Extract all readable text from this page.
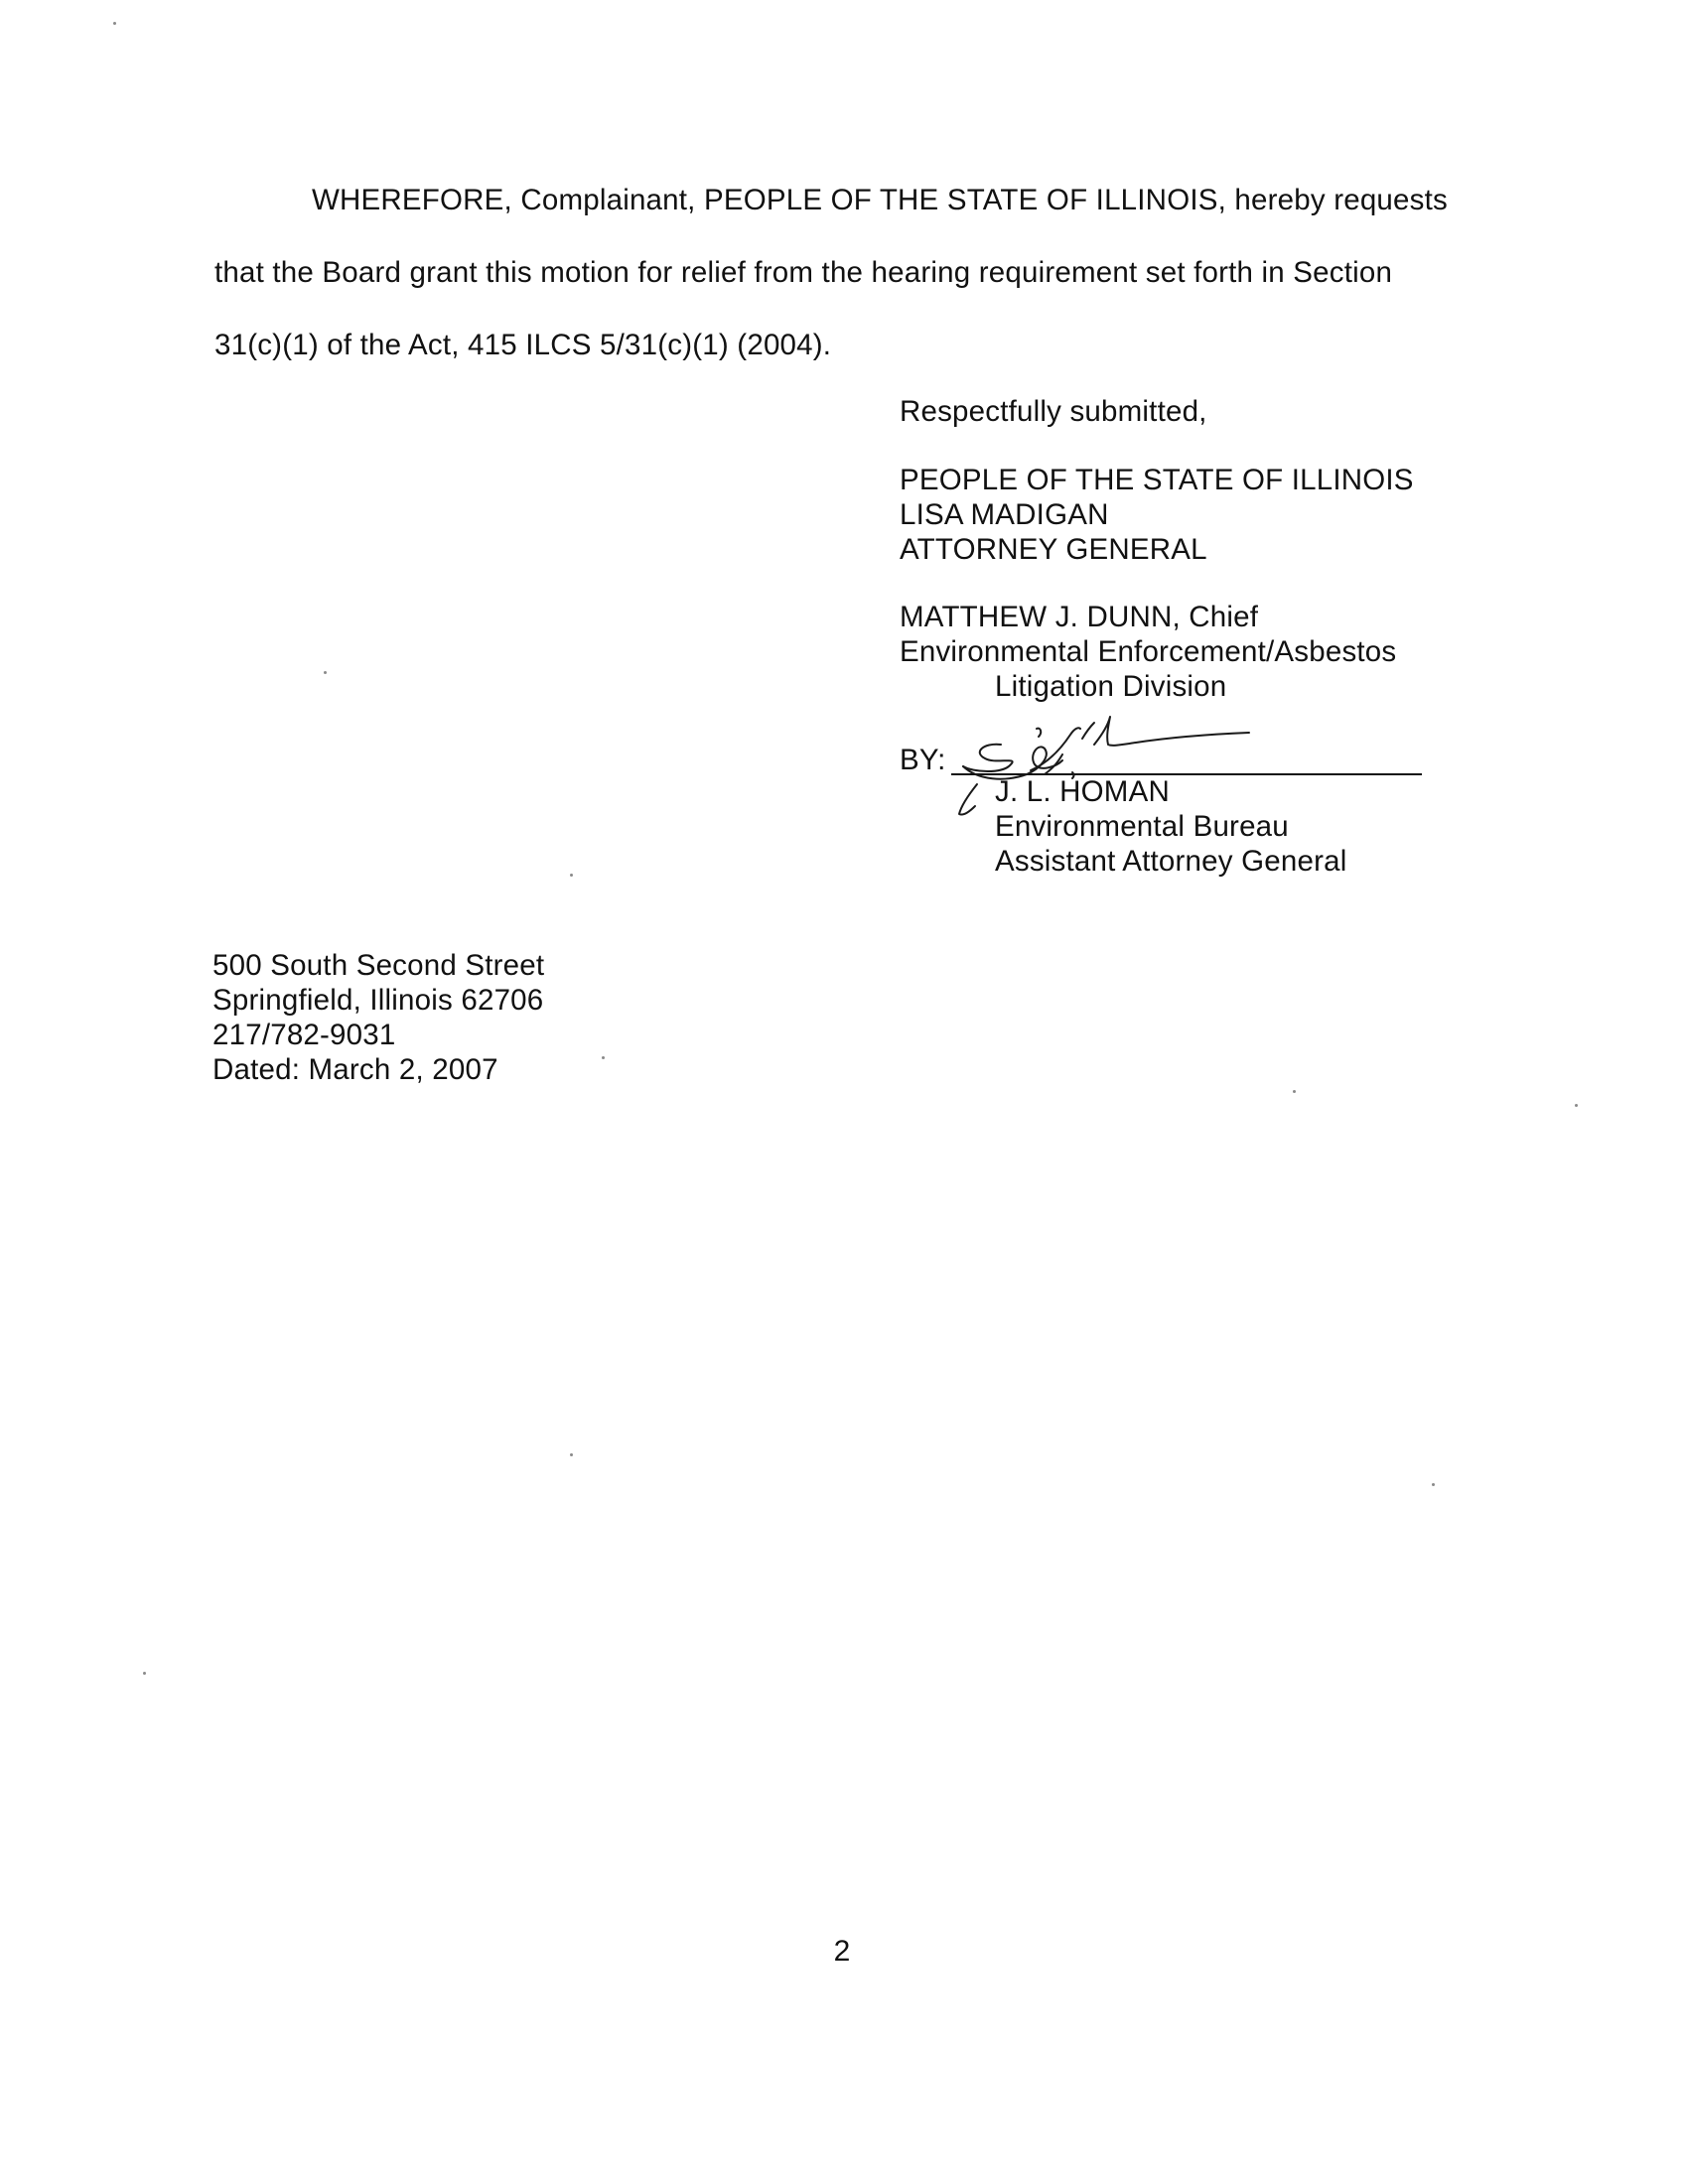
WHEREFORE, Complainant, PEOPLE OF THE STATE OF ILLINOIS, hereby requests
that the Board grant this motion for relief from the hearing requirement set forth in Section
31(c)(1) of the Act, 415 ILCS 5/31(c)(1) (2004).
Respectfully submitted,
PEOPLE OF THE STATE OF ILLINOIS
LISA MADIGAN
ATTORNEY GENERAL
MATTHEW J. DUNN, Chief
Environmental Enforcement/Asbestos
Litigation Division
BY:
J. L. HOMAN
Environmental Bureau
Assistant Attorney General
500 South Second Street
Springfield, Illinois 62706
217/782-9031
Dated: March 2, 2007
2
